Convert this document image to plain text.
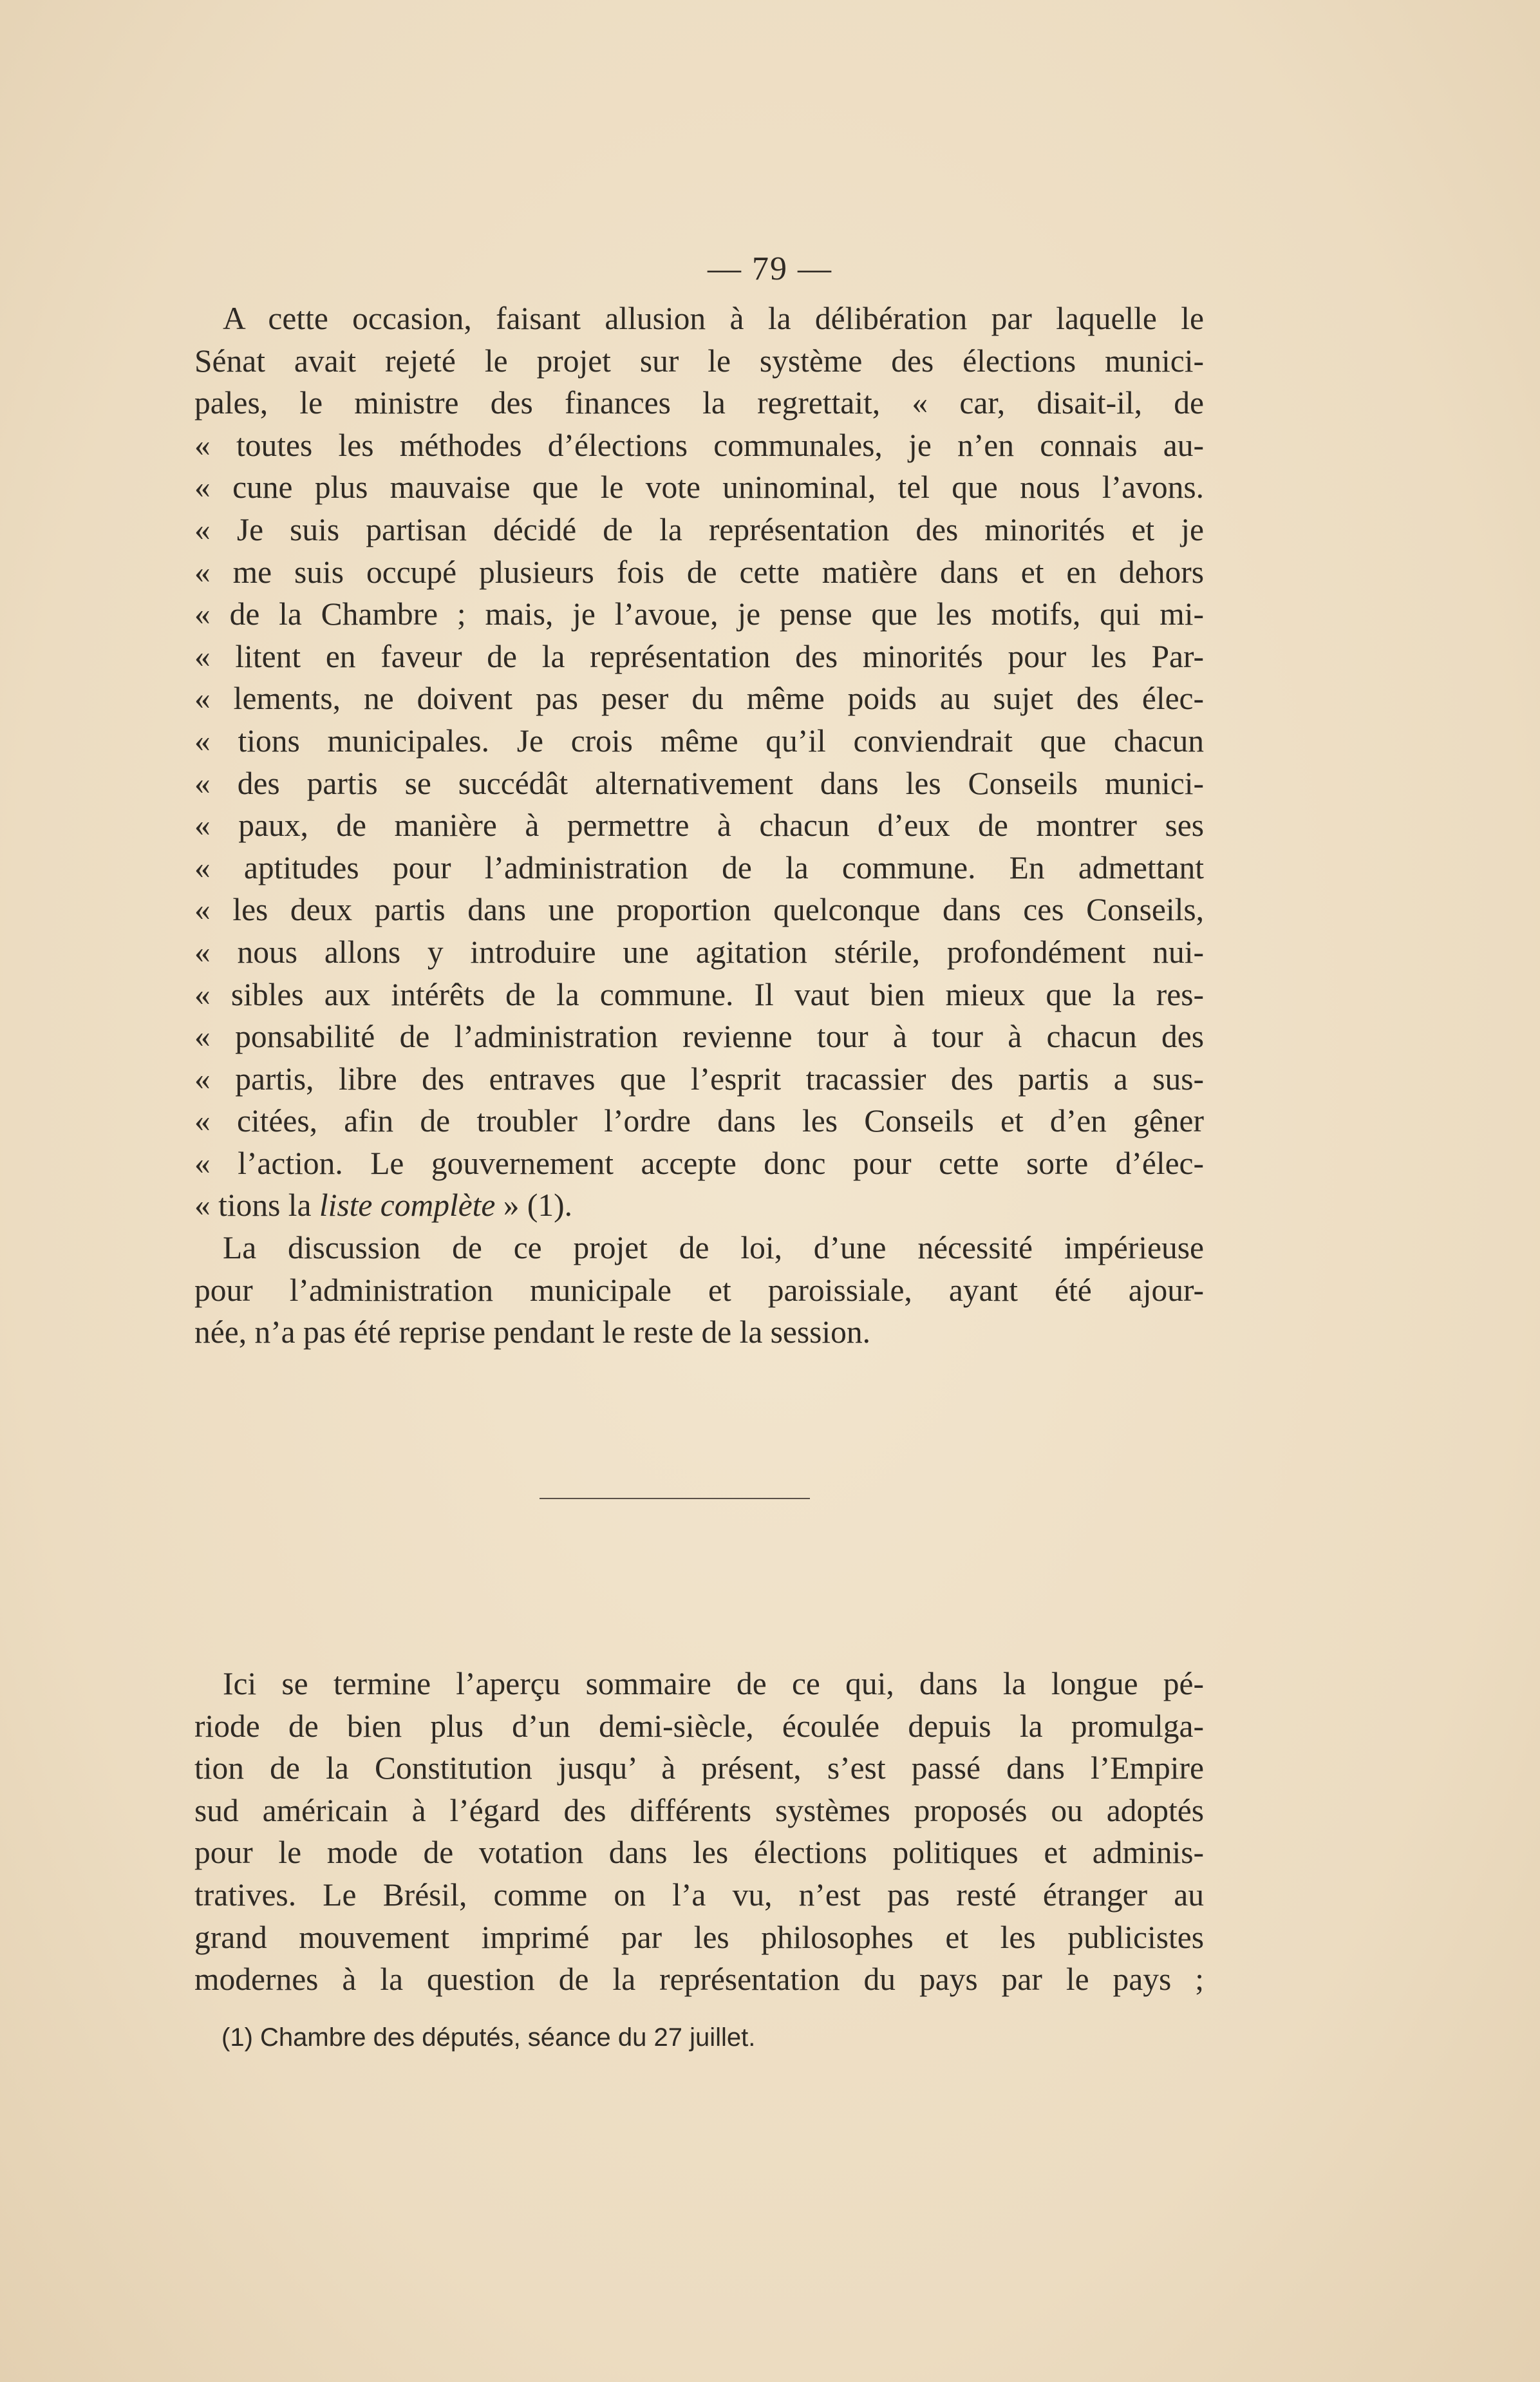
— 79 —
A cette occasion, faisant allusion à la délibération par laquelle le
Sénat avait rejeté le projet sur le système des élections munici-
pales, le ministre des finances la regrettait, « car, disait-il, de
« toutes les méthodes d’élections communales, je n’en connais au-
« cune plus mauvaise que le vote uninominal, tel que nous l’avons.
« Je suis partisan décidé de la représentation des minorités et je
« me suis occupé plusieurs fois de cette matière dans et en dehors
« de la Chambre ; mais, je l’avoue, je pense que les motifs, qui mi-
« litent en faveur de la représentation des minorités pour les Par-
« lements, ne doivent pas peser du même poids au sujet des élec-
« tions municipales. Je crois même qu’il conviendrait que chacun
« des partis se succédât alternativement dans les Conseils munici-
« paux, de manière à permettre à chacun d’eux de montrer ses
« aptitudes pour l’administration de la commune. En admettant
« les deux partis dans une proportion quelconque dans ces Conseils,
« nous allons y introduire une agitation stérile, profondément nui-
« sibles aux intérêts de la commune. Il vaut bien mieux que la res-
« ponsabilité de l’administration revienne tour à tour à chacun des
« partis, libre des entraves que l’esprit tracassier des partis a sus-
« citées, afin de troubler l’ordre dans les Conseils et d’en gêner
« l’action. Le gouvernement accepte donc pour cette sorte d’élec-
« tions la liste complète » (1).
La discussion de ce projet de loi, d’une nécessité impérieuse
pour l’administration municipale et paroissiale, ayant été ajour-
née, n’a pas été reprise pendant le reste de la session.
Ici se termine l’aperçu sommaire de ce qui, dans la longue pé-
riode de bien plus d’un demi-siècle, écoulée depuis la promulga-
tion de la Constitution jusqu’ à présent, s’est passé dans l’Empire
sud américain à l’égard des différents systèmes proposés ou adoptés
pour le mode de votation dans les élections politiques et adminis-
tratives. Le Brésil, comme on l’a vu, n’est pas resté étranger au
grand mouvement imprimé par les philosophes et les publicistes
modernes à la question de la représentation du pays par le pays ;
(1) Chambre des députés, séance du 27 juillet.
